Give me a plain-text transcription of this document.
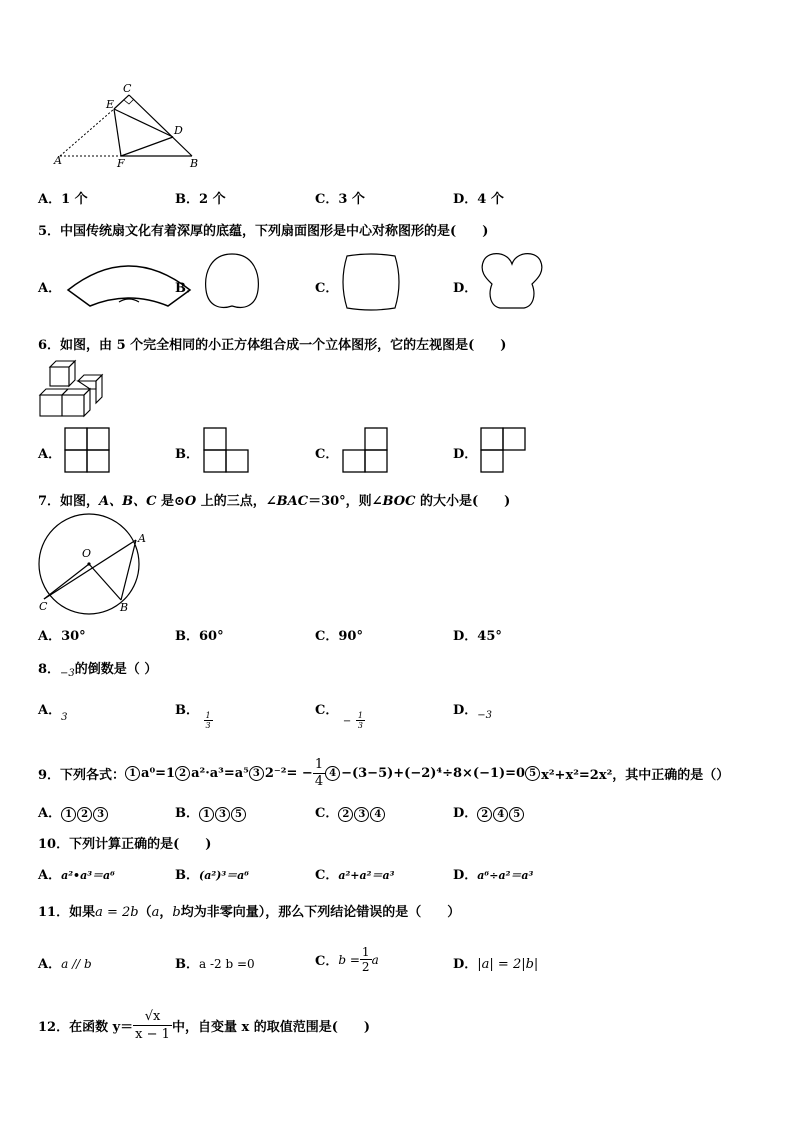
C
E
D
A	F	B
A．1 个	B．2 个	C．3 个	D．4 个
5．中国传统扇文化有着深厚的底蕴，下列扇面图形是中心对称图形的是(　　)
A．	B．	C．	D．
6．如图，由 5 个完全相同的小正方体组合成一个立体图形，它的左视图是(　　)
A．	B．	C．	D．
7．如图，A、B、C 是⊙O 上的三点，∠BAC＝30°，则∠BOC 的大小是(　　)
O
A
C	B
A．30°	B．60°	C．90°	D．45°
8．$_{-3}$的倒数是（ ）
A．$_3$	B．
$\frac{1}{3}$
C． $_- \frac{1}{3}$
D．$_{-3}$
9．下列各式： 1 a⁰=1 2 a²·a³=a⁵ 3 $2^{-2}= - \frac{1}{4} 4 -(3-5)+(-2)^4\div 8\times(-1)=0$ 5 x²+x²=2x²，其中正确的是（）
A． 1 2 3	B． 1 3 5	C． 2 3 4	D． 2 4 5
10．下列计算正确的是(　　)
A．a²•a³＝a⁶	B．(a²)³＝a⁶	C．a²+a²＝a³	D．a⁶÷a²＝a³
11．如果a = 2b（a，b均为非零向量），那么下列结论错误的是（　　）
A．a // b	B．a -2 b =0	C． $b = \frac{1}{2}$ a	D．|a| = 2|b|
12．在函数 $y= \frac{√x}{x - 1}$ 中，自变量 x 的取值范围是(　　)
